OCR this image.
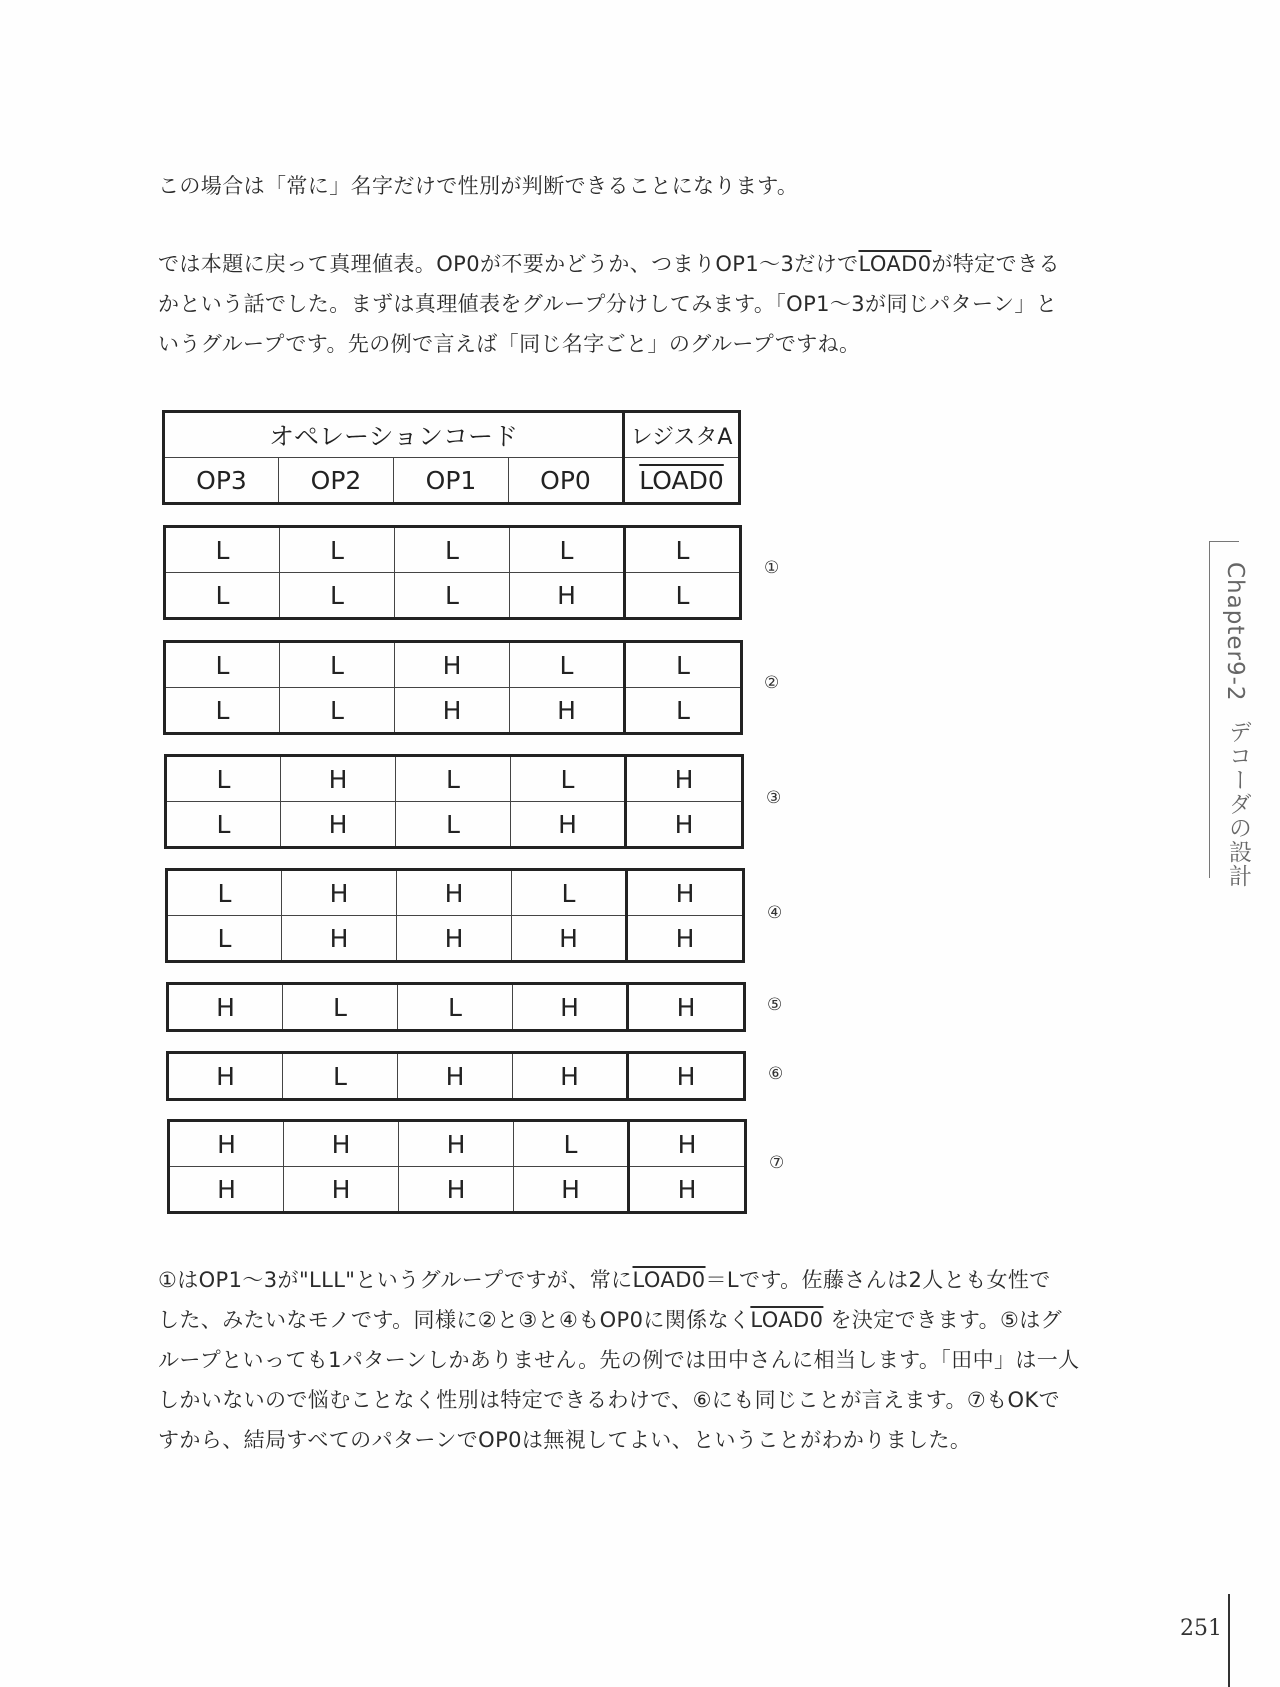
この場合は「常に」名字だけで性別が判断できることになります。
では本題に戻って真理値表。OP0が不要かどうか、つまりOP1～3だけでLOAD0が特定できる
かという話でした。まずは真理値表をグループ分けしてみます。「OP1～3が同じパターン」と
いうグループです。先の例で言えば「同じ名字ごと」のグループですね。
オペレーションコード				レジスタA
OP3	OP2	OP1	OP0	LOAD0
L	L	L	L	L
L	L	L	H	L
①
L	L	H	L	L
L	L	H	H	L
②
L	H	L	L	H
L	H	L	H	H
③
L	H	H	L	H
L	H	H	H	H
④
H	L	L	H	H	⑤
H	L	H	H	H	⑥
H	H	H	L	H
H	H	H	H	H
⑦
①はOP1～3が"LLL"というグループですが、常にLOAD0＝Lです。佐藤さんは2人とも女性で
した、みたいなモノです。同様に②と③と④もOP0に関係なくLOAD0 を決定できます。⑤はグ
ループといっても1パターンしかありません。先の例では田中さんに相当します。「田中」は一人
しかいないので悩むことなく性別は特定できるわけで、⑥にも同じことが言えます。⑦もOKで
すから、結局すべてのパターンでOP0は無視してよい、ということがわかりました。
Chapter9-2
デコーダの設計
251
